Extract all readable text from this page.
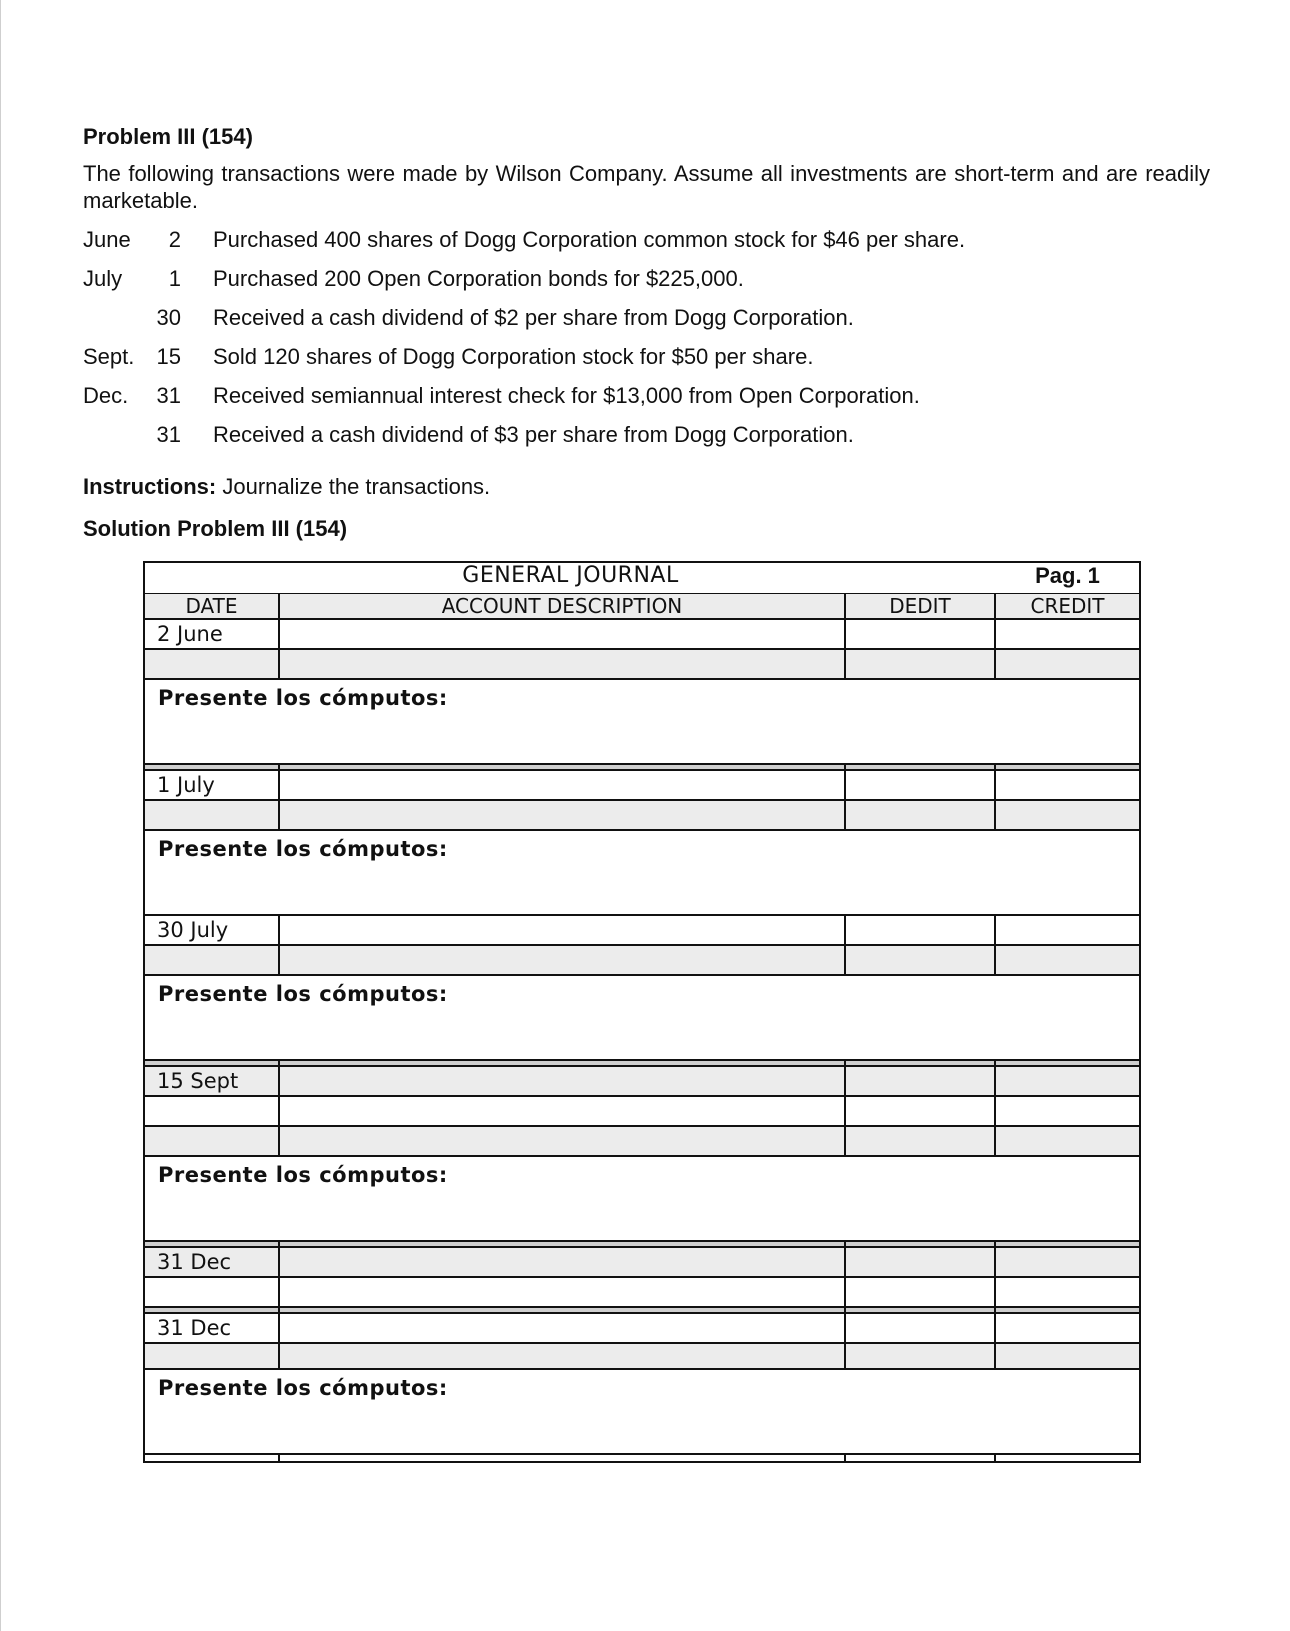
Problem III (154)
The following transactions were made by Wilson Company. Assume all investments are short-term and are readily marketable.
June	2 Purchased 400 shares of Dogg Corporation common stock for $46 per share.
July	1 Purchased 200 Open Corporation bonds for $225,000.
30 Received a cash dividend of $2 per share from Dogg Corporation.
Sept.	15 Sold 120 shares of Dogg Corporation stock for $50 per share.
Dec.	31 Received semiannual interest check for $13,000 from Open Corporation.
31 Received a cash dividend of $3 per share from Dogg Corporation.
Instructions: Journalize the transactions.
Solution Problem III (154)
GENERAL JOURNAL	Pag. 1
DATE	ACCOUNT DESCRIPTION	DEDIT	CREDIT
2 June
Presente los cómputos:
1 July
Presente los cómputos:
30 July
Presente los cómputos:
15 Sept
Presente los cómputos:
31 Dec
31 Dec
Presente los cómputos:
